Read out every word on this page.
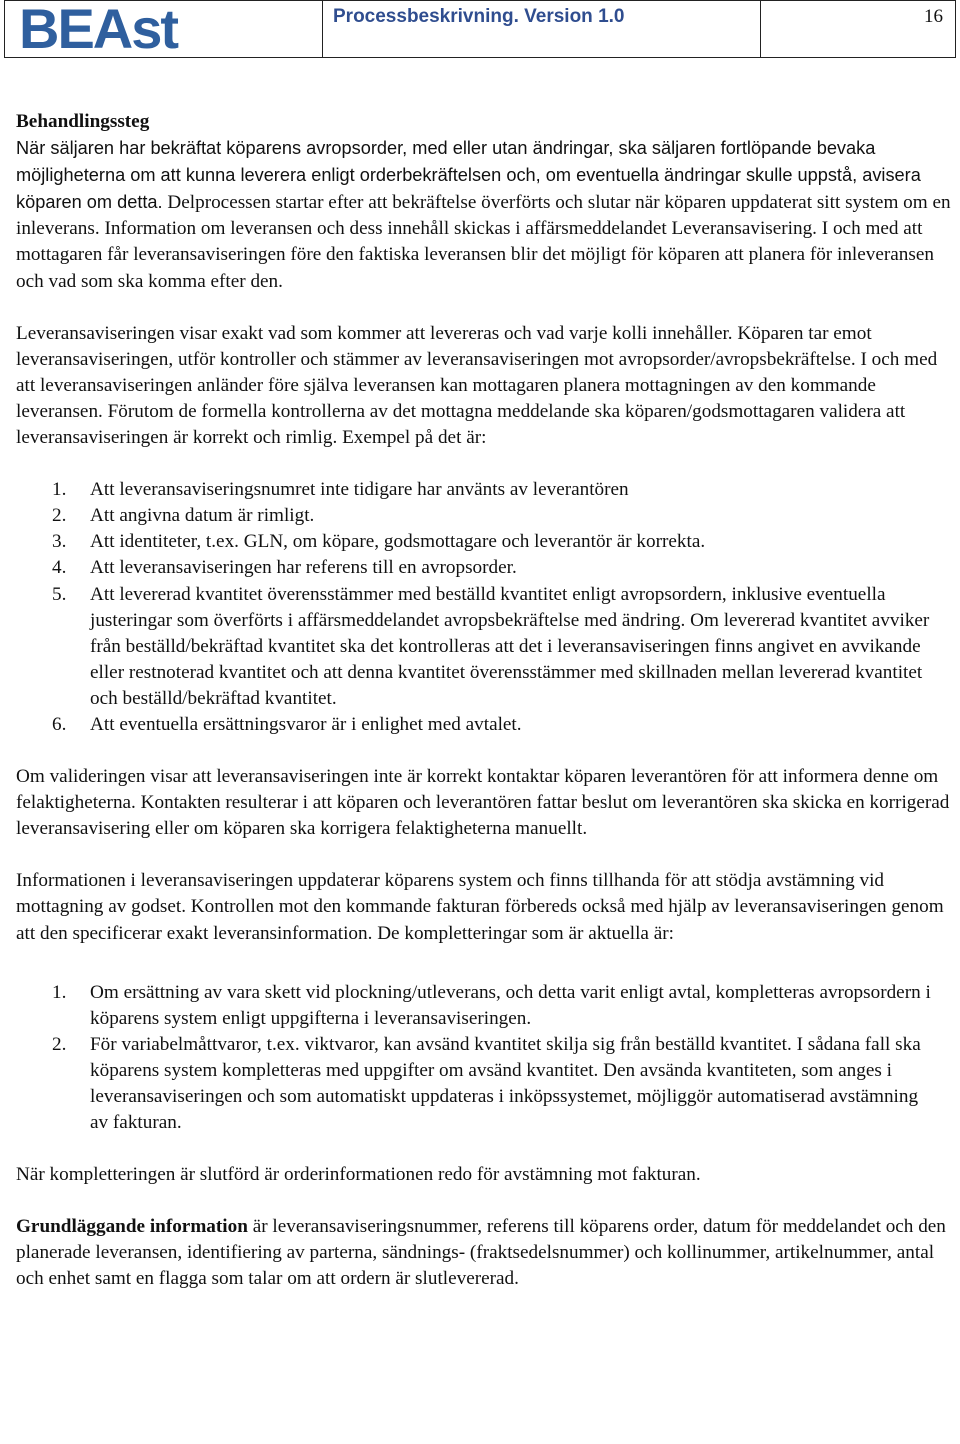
BEAst	Processbeskrivning. Version 1.0	16

Behandlingssteg

När säljaren har bekräftat köparens avropsorder, med eller utan ändringar, ska säljaren fortlöpande bevaka möjligheterna om att kunna leverera enligt orderbekräftelsen och, om eventuella ändringar skulle uppstå, avisera köparen om detta. Delprocessen startar efter att bekräftelse överförts och slutar när köparen uppdaterat sitt system om en inleverans. Information om leveransen och dess innehåll skickas i affärsmeddelandet Leveransavisering. I och med att mottagaren får leveransaviseringen före den faktiska leveransen blir det möjligt för köparen att planera för inleveransen och vad som ska komma efter den.

Leveransaviseringen visar exakt vad som kommer att levereras och vad varje kolli innehåller. Köparen tar emot leveransaviseringen, utför kontroller och stämmer av leveransaviseringen mot avropsorder/avropsbekräftelse. I och med att leveransaviseringen anländer före själva leveransen kan mottagaren planera mottagningen av den kommande leveransen. Förutom de formella kontrollerna av det mottagna meddelande ska köparen/godsmottagaren validera att leveransaviseringen är korrekt och rimlig. Exempel på det är:

1.	Att leveransaviseringsnumret inte tidigare har använts av leverantören
2.	Att angivna datum är rimligt.
3.	Att identiteter, t.ex. GLN, om köpare, godsmottagare och leverantör är korrekta.
4.	Att leveransaviseringen har referens till en avropsorder.
5.	Att levererad kvantitet överensstämmer med beställd kvantitet enligt avropsordern, inklusive eventuella justeringar som överförts i affärsmeddelandet avropsbekräftelse med ändring. Om levererad kvantitet avviker från beställd/bekräftad kvantitet ska det kontrolleras att det i leveransaviseringen finns angivet en avvikande eller restnoterad kvantitet och att denna kvantitet överensstämmer med skillnaden mellan levererad kvantitet och beställd/bekräftad kvantitet.
6.	Att eventuella ersättningsvaror är i enlighet med avtalet.

Om valideringen visar att leveransaviseringen inte är korrekt kontaktar köparen leverantören för att informera denne om felaktigheterna. Kontakten resulterar i att köparen och leverantören fattar beslut om leverantören ska skicka en korrigerad leveransavisering eller om köparen ska korrigera felaktigheterna manuellt.

Informationen i leveransaviseringen uppdaterar köparens system och finns tillhanda för att stödja avstämning vid mottagning av godset. Kontrollen mot den kommande fakturan förbereds också med hjälp av leveransaviseringen genom att den specificerar exakt leveransinformation. De kompletteringar som är aktuella är:

1.	Om ersättning av vara skett vid plockning/utleverans, och detta varit enligt avtal, kompletteras avropsordern i köparens system enligt uppgifterna i leveransaviseringen.
2.	För variabelmåttvaror, t.ex. viktvaror, kan avsänd kvantitet skilja sig från beställd kvantitet. I sådana fall ska köparens system kompletteras med uppgifter om avsänd kvantitet. Den avsända kvantiteten, som anges i leveransaviseringen och som automatiskt uppdateras i inköpssystemet, möjliggör automatiserad avstämning av fakturan.

När kompletteringen är slutförd är orderinformationen redo för avstämning mot fakturan.

Grundläggande information är leveransaviseringsnummer, referens till köparens order, datum för meddelandet och den planerade leveransen, identifiering av parterna, sändnings- (fraktsedelsnummer) och kollinummer, artikelnummer, antal och enhet samt en flagga som talar om att ordern är slutlevererad.
